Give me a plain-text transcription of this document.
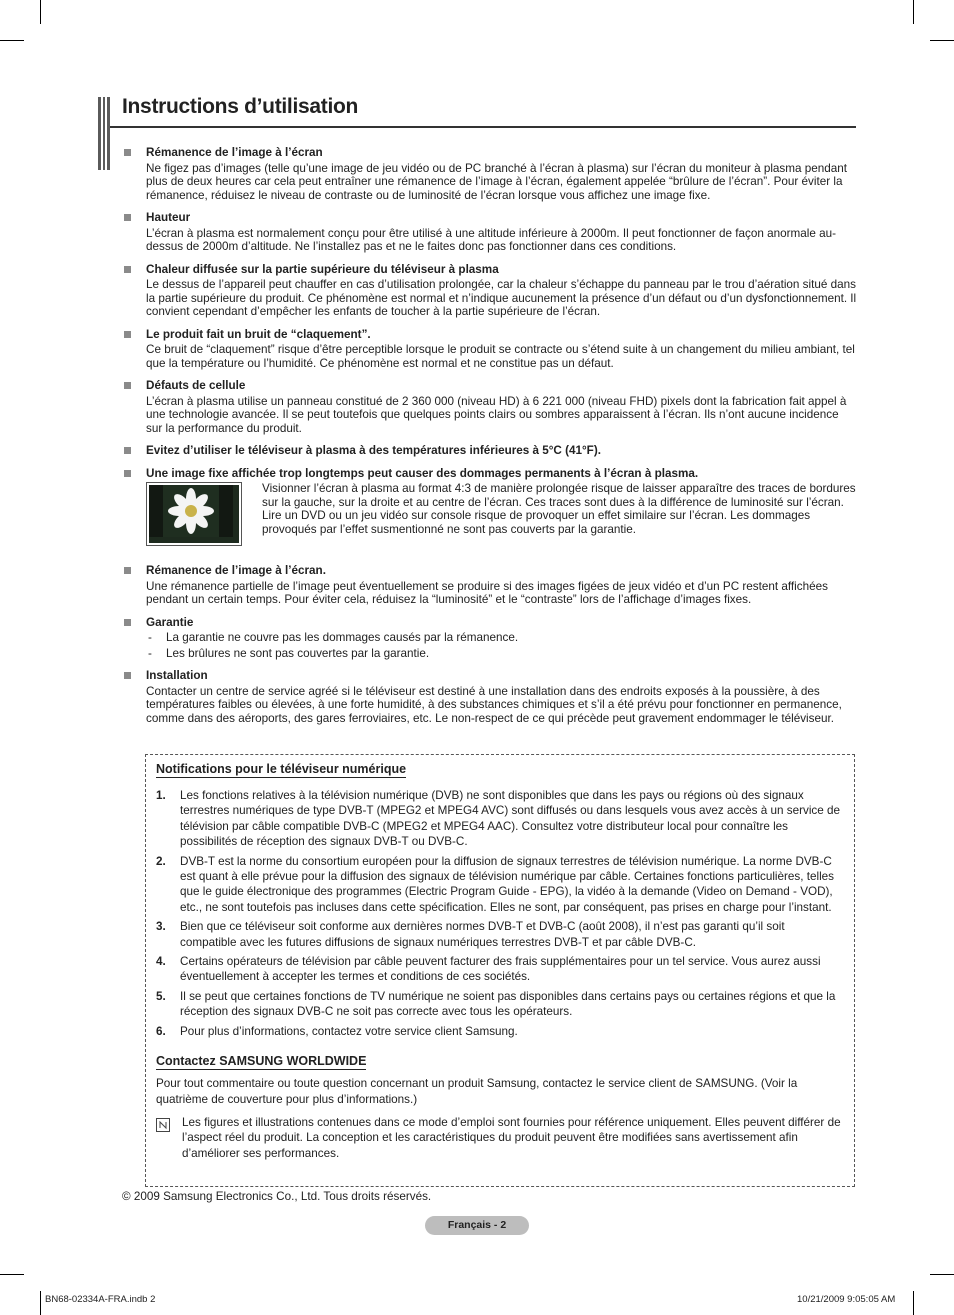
Instructions d’utilisation
Rémanence de l’image à l’écran
Ne figez pas d’images (telle qu’une image de jeu vidéo ou de PC branché à l’écran à plasma) sur l’écran du moniteur à plasma pendant plus de deux heures car cela peut entraîner une rémanence de l’image à l’écran, également appelée “brûlure de l’écran”. Pour éviter la rémanence, réduisez le niveau de contraste ou de luminosité de l’écran lorsque vous affichez une image fixe.
Hauteur
L’écran à plasma est normalement conçu pour être utilisé à une altitude inférieure à 2000m. Il peut fonctionner de façon anormale au-dessus de 2000m d’altitude. Ne l’installez pas et ne le faites donc pas fonctionner dans ces conditions.
Chaleur diffusée sur la partie supérieure du téléviseur à plasma
Le dessus de l’appareil peut chauffer en cas d’utilisation prolongée, car la chaleur s’échappe du panneau par le trou d’aération situé dans la partie supérieure du produit. Ce phénomène est normal et n’indique aucunement la présence d’un défaut ou d’un dysfonctionnement. Il convient cependant d’empêcher les enfants de toucher à la partie supérieure de l’écran.
Le produit fait un bruit de “claquement”.
Ce bruit de “claquement” risque d’être perceptible lorsque le produit se contracte ou s’étend suite à un changement du milieu ambiant, tel que la température ou l’humidité. Ce phénomène est normal et ne constitue pas un défaut.
Défauts de cellule
L’écran à plasma utilise un panneau constitué de 2 360 000 (niveau HD) à 6 221 000 (niveau FHD) pixels dont la fabrication fait appel à une technologie avancée. Il se peut toutefois que quelques points clairs ou sombres apparaissent à l’écran. Ils n’ont aucune incidence sur la performance du produit.
Evitez d’utiliser le téléviseur à plasma à des températures inférieures à 5°C (41°F).
Une image fixe affichée trop longtemps peut causer des dommages permanents à l’écran à plasma.
Visionner l’écran à plasma au format 4:3 de manière prolongée risque de laisser apparaître des traces de bordures sur la gauche, sur la droite et au centre de l’écran. Ces traces sont dues à la différence de luminosité sur l’écran. Lire un DVD ou un jeu vidéo sur console risque de provoquer un effet similaire sur l’écran. Les dommages provoqués par l’effet susmentionné ne sont pas couverts par la garantie.
Rémanence de l’image à l’écran.
Une rémanence partielle de l’image peut éventuellement se produire si des images figées de jeux vidéo et d’un PC restent affichées pendant un certain temps. Pour éviter cela, réduisez la “luminosité” et le “contraste” lors de l’affichage d’images fixes.
Garantie
-	La garantie ne couvre pas les dommages causés par la rémanence.
-	Les brûlures ne sont pas couvertes par la garantie.
Installation
Contacter un centre de service agréé si le téléviseur est destiné à une installation dans des endroits exposés à la poussière, à des températures faibles ou élevées, à une forte humidité, à des substances chimiques et s’il a été prévu pour fonctionner en permanence, comme dans des aéroports, des gares ferroviaires, etc. Le non-respect de ce qui précède peut gravement endommager le téléviseur.
Notifications pour le téléviseur numérique
1.	Les fonctions relatives à la télévision numérique (DVB) ne sont disponibles que dans les pays ou régions où des signaux terrestres numériques de type DVB-T (MPEG2 et MPEG4 AVC) sont diffusés ou dans lesquels vous avez accès à un service de télévision par câble compatible DVB-C (MPEG2 et MPEG4 AAC). Consultez votre distributeur local pour connaître les possibilités de réception des signaux DVB-T ou DVB-C.
2.	DVB-T est la norme du consortium européen pour la diffusion de signaux terrestres de télévision numérique. La norme DVB-C est quant à elle prévue pour la diffusion des signaux de télévision numérique par câble. Certaines fonctions particulières, telles que le guide électronique des programmes (Electric Program Guide - EPG), la vidéo à la demande (Video on Demand - VOD), etc., ne sont toutefois pas incluses dans cette spécification. Elles ne sont, par conséquent, pas prises en charge pour l’instant.
3.	Bien que ce téléviseur soit conforme aux dernières normes DVB-T et DVB-C (août 2008), il n’est pas garanti qu’il soit compatible avec les futures diffusions de signaux numériques terrestres DVB-T et par câble DVB-C.
4.	Certains opérateurs de télévision par câble peuvent facturer des frais supplémentaires pour un tel service. Vous aurez aussi éventuellement à accepter les termes et conditions de ces sociétés.
5.	Il se peut que certaines fonctions de TV numérique ne soient pas disponibles dans certains pays ou certaines régions et que la réception des signaux DVB-C ne soit pas correcte avec tous les opérateurs.
6.	Pour plus d’informations, contactez votre service client Samsung.
Contactez SAMSUNG WORLDWIDE
Pour tout commentaire ou toute question concernant un produit Samsung, contactez le service client de SAMSUNG. (Voir la quatrième de couverture pour plus d’informations.)
Les figures et illustrations contenues dans ce mode d’emploi sont fournies pour référence uniquement. Elles peuvent différer de l’aspect réel du produit. La conception et les caractéristiques du produit peuvent être modifiées sans avertissement afin d’améliorer ses performances.
© 2009 Samsung Electronics Co., Ltd. Tous droits réservés.
Français - 2
BN68-02334A-FRA.indb 2	10/21/2009 9:05:05 AM
